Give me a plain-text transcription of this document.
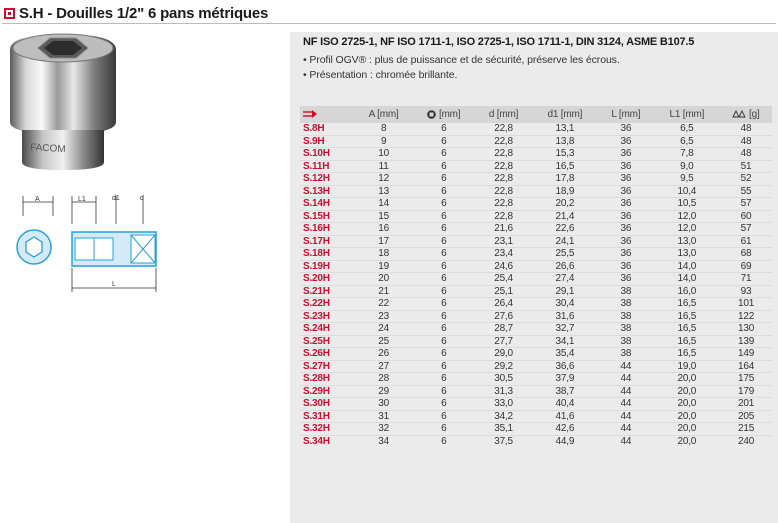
S.H - Douilles 1/2" 6 pans métriques
FACOM
A	L1	d1	d
L
NF ISO 2725-1, NF ISO 1711-1, ISO 2725-1, ISO 1711-1, DIN 3124, ASME B107.5
• Profil OGV® : plus de puissance et de sécurité, préserve les écrous.
• Présentation : chromée brillante.
	A [mm]	[mm]	d [mm]	d1 [mm]	L [mm]	L1 [mm]	[g]
S.8H	8	6	22,8	13,1	36	6,5	48
S.9H	9	6	22,8	13,8	36	6,5	48
S.10H	10	6	22,8	15,3	36	7,8	48
S.11H	11	6	22,8	16,5	36	9,0	51
S.12H	12	6	22,8	17,8	36	9,5	52
S.13H	13	6	22,8	18,9	36	10,4	55
S.14H	14	6	22,8	20,2	36	10,5	57
S.15H	15	6	22,8	21,4	36	12,0	60
S.16H	16	6	21,6	22,6	36	12,0	57
S.17H	17	6	23,1	24,1	36	13,0	61
S.18H	18	6	23,4	25,5	36	13,0	68
S.19H	19	6	24,6	26,6	36	14,0	69
S.20H	20	6	25,4	27,4	36	14,0	71
S.21H	21	6	25,1	29,1	38	16,0	93
S.22H	22	6	26,4	30,4	38	16,5	101
S.23H	23	6	27,6	31,6	38	16,5	122
S.24H	24	6	28,7	32,7	38	16,5	130
S.25H	25	6	27,7	34,1	38	16,5	139
S.26H	26	6	29,0	35,4	38	16,5	149
S.27H	27	6	29,2	36,6	44	19,0	164
S.28H	28	6	30,5	37,9	44	20,0	175
S.29H	29	6	31,3	38,7	44	20,0	179
S.30H	30	6	33,0	40,4	44	20,0	201
S.31H	31	6	34,2	41,6	44	20,0	205
S.32H	32	6	35,1	42,6	44	20,0	215
S.34H	34	6	37,5	44,9	44	20,0	240
